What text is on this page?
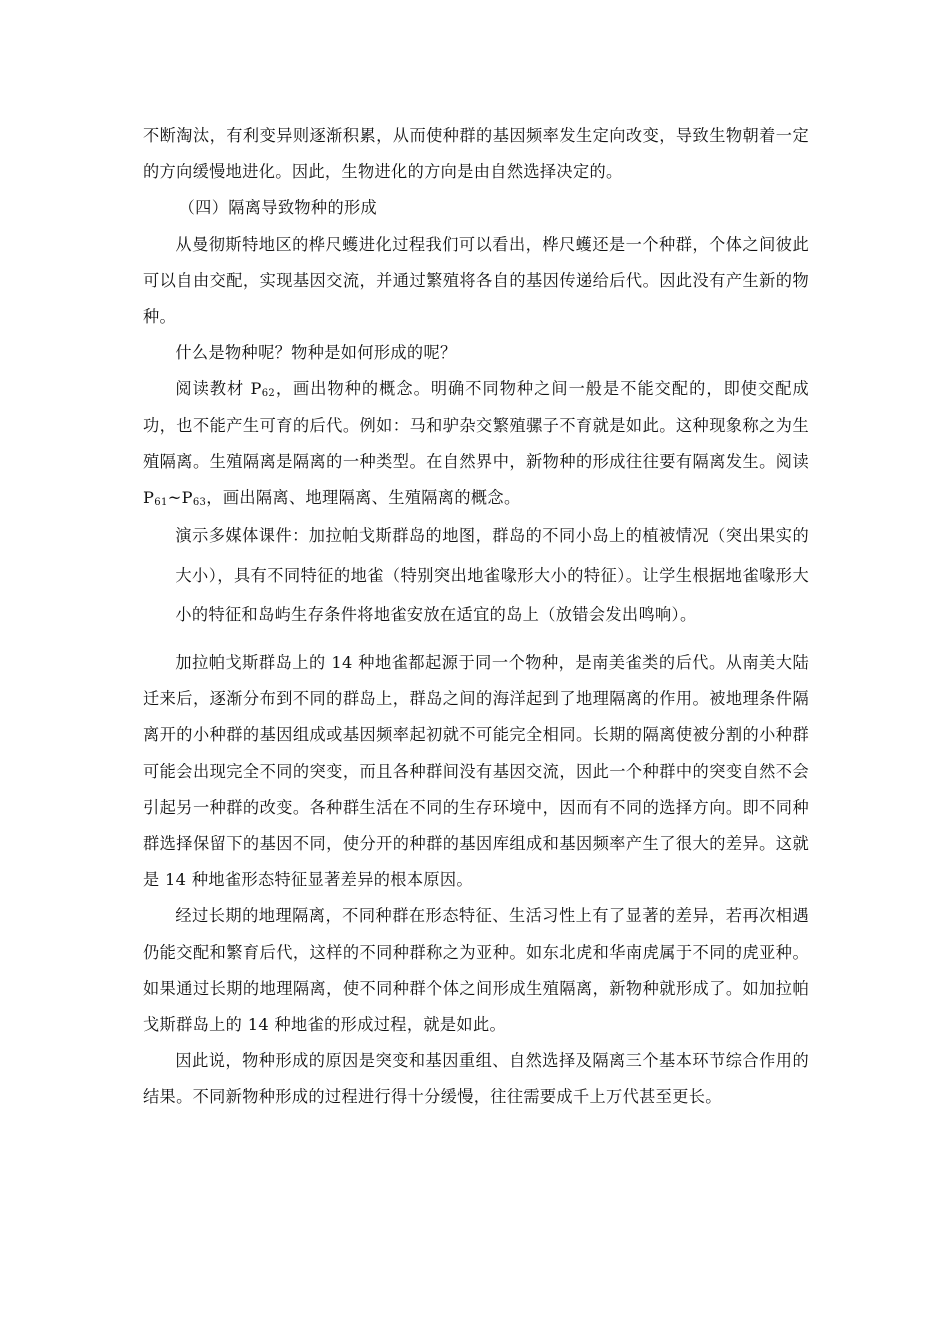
不断淘汰，有利变异则逐渐积累，从而使种群的基因频率发生定向改变，导致生物朝着一定的方向缓慢地进化。因此，生物进化的方向是由自然选择决定的。

（四）隔离导致物种的形成

从曼彻斯特地区的桦尺蠖进化过程我们可以看出，桦尺蠖还是一个种群，个体之间彼此可以自由交配，实现基因交流，并通过繁殖将各自的基因传递给后代。因此没有产生新的物种。

什么是物种呢？物种是如何形成的呢？

阅读教材 $P_{62}$，画出物种的概念。明确不同物种之间一般是不能交配的，即使交配成功，也不能产生可育的后代。例如：马和驴杂交繁殖骡子不育就是如此。这种现象称之为生殖隔离。生殖隔离是隔离的一种类型。在自然界中，新物种的形成往往要有隔离发生。阅读 $P_{61}\sim P_{63}$，画出隔离、地理隔离、生殖隔离的概念。

演示多媒体课件：加拉帕戈斯群岛的地图，群岛的不同小岛上的植被情况（突出果实的大小），具有不同特征的地雀（特别突出地雀喙形大小的特征）。让学生根据地雀喙形大小的特征和岛屿生存条件将地雀安放在适宜的岛上（放错会发出鸣响）。

加拉帕戈斯群岛上的 14 种地雀都起源于同一个物种，是南美雀类的后代。从南美大陆迁来后，逐渐分布到不同的群岛上，群岛之间的海洋起到了地理隔离的作用。被地理条件隔离开的小种群的基因组成或基因频率起初就不可能完全相同。长期的隔离使被分割的小种群可能会出现完全不同的突变，而且各种群间没有基因交流，因此一个种群中的突变自然不会引起另一种群的改变。各种群生活在不同的生存环境中，因而有不同的选择方向。即不同种群选择保留下的基因不同，使分开的种群的基因库组成和基因频率产生了很大的差异。这就是 14 种地雀形态特征显著差异的根本原因。

经过长期的地理隔离，不同种群在形态特征、生活习性上有了显著的差异，若再次相遇仍能交配和繁育后代，这样的不同种群称之为亚种。如东北虎和华南虎属于不同的虎亚种。如果通过长期的地理隔离，使不同种群个体之间形成生殖隔离，新物种就形成了。如加拉帕戈斯群岛上的 14 种地雀的形成过程，就是如此。

因此说，物种形成的原因是突变和基因重组、自然选择及隔离三个基本环节综合作用的结果。不同新物种形成的过程进行得十分缓慢，往往需要成千上万代甚至更长。
